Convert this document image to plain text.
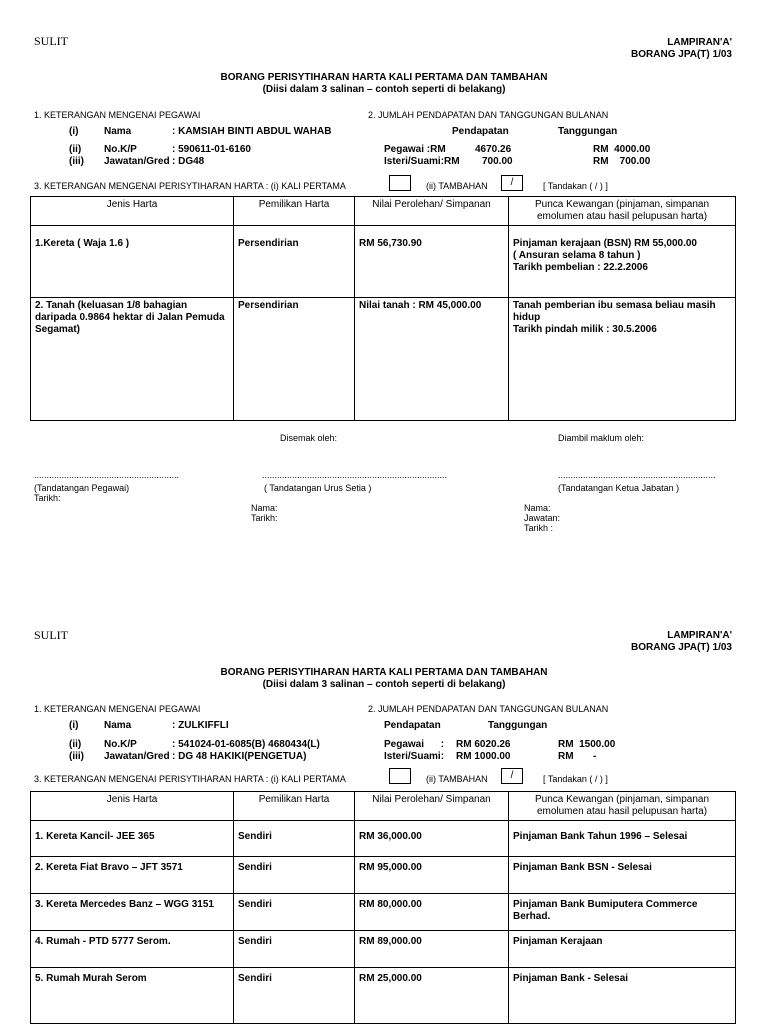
SULIT	LAMPIRAN'A'
BORANG JPA(T) 1/03
BORANG PERISYTIHARAN HARTA KALI PERTAMA DAN TAMBAHAN
(Diisi dalam 3 salinan – contoh seperti di belakang)
1. KETERANGAN MENGENAI PEGAWAI	2. JUMLAH PENDAPATAN DAN TANGGUNGAN BULANAN
(i)	Nama	: KAMSIAH BINTI ABDUL WAHAB
(ii) No.K/P	: 590611-01-6160
(iii) Jawatan/Gred : DG48
Pendapatan	Tanggungan
Pegawai :RM	4670.26	RM  4000.00
Isteri/Suami:RM 700.00	RM    700.00
3. KETERANGAN MENGENAI PERISYTIHARAN HARTA : (i) KALI PERTAMA	(ii) TAMBAHAN	/	[ Tandakan ( / ) ]
Jenis Harta	Pemilikan Harta	Nilai Perolehan/ Simpanan	Punca Kewangan (pinjaman, simpanan emolumen atau hasil pelupusan harta)

1.Kereta ( Waja 1.6 )	Persendirian	RM 56,730.90	Pinjaman kerajaan (BSN) RM 55,000.00
( Ansuran selama 8 tahun )
Tarikh pembelian : 22.2.2006

2. Tanah (keluasan 1/8 bahagian daripada 0.9864 hektar di Jalan Pemuda Segamat)	Persendirian	Nilai tanah : RM 45,000.00	Tanah pemberian ibu semasa beliau masih hidup
Tarikh pindah milik : 30.5.2006
Disemak oleh:	Diambil maklum oleh:
..........................................................	..........................................................................	...............................................................
(Tandatangan Pegawai)
Tarikh:
( Tandatangan Urus Setia )
Nama:
Tarikh:
(Tandatangan Ketua Jabatan )
Nama:
Jawatan:
Tarikh :
SULIT	LAMPIRAN'A'
BORANG JPA(T) 1/03
BORANG PERISYTIHARAN HARTA KALI PERTAMA DAN TAMBAHAN
(Diisi dalam 3 salinan – contoh seperti di belakang)
1. KETERANGAN MENGENAI PEGAWAI	2. JUMLAH PENDAPATAN DAN TANGGUNGAN BULANAN
(i)	Nama	: ZULKIFFLI
(ii) No.K/P	: 541024-01-6085(B) 4680434(L)
(iii) Jawatan/Gred : DG 48 HAKIKI(PENGETUA)
Pendapatan	Tanggungan
Pegawai      : RM 6020.26	RM  1500.00
Isteri/Suami: RM 1000.00	RM       -
3. KETERANGAN MENGENAI PERISYTIHARAN HARTA : (i) KALI PERTAMA	(ii) TAMBAHAN	/	[ Tandakan ( / ) ]
Jenis Harta	Pemilikan Harta	Nilai Perolehan/ Simpanan	Punca Kewangan (pinjaman, simpanan emolumen atau hasil pelupusan harta)

1. Kereta Kancil- JEE 365	Sendiri	RM 36,000.00	Pinjaman Bank Tahun 1996 – Selesai

2. Kereta Fiat Bravo – JFT 3571	Sendiri	RM 95,000.00	Pinjaman Bank BSN - Selesai

3. Kereta Mercedes Banz – WGG 3151	Sendiri	RM 80,000.00	Pinjaman Bank Bumiputera Commerce Berhad.

4. Rumah - PTD 5777 Serom.	Sendiri	RM 89,000.00	Pinjaman Kerajaan

5. Rumah Murah Serom	Sendiri	RM 25,000.00	Pinjaman Bank - Selesai
